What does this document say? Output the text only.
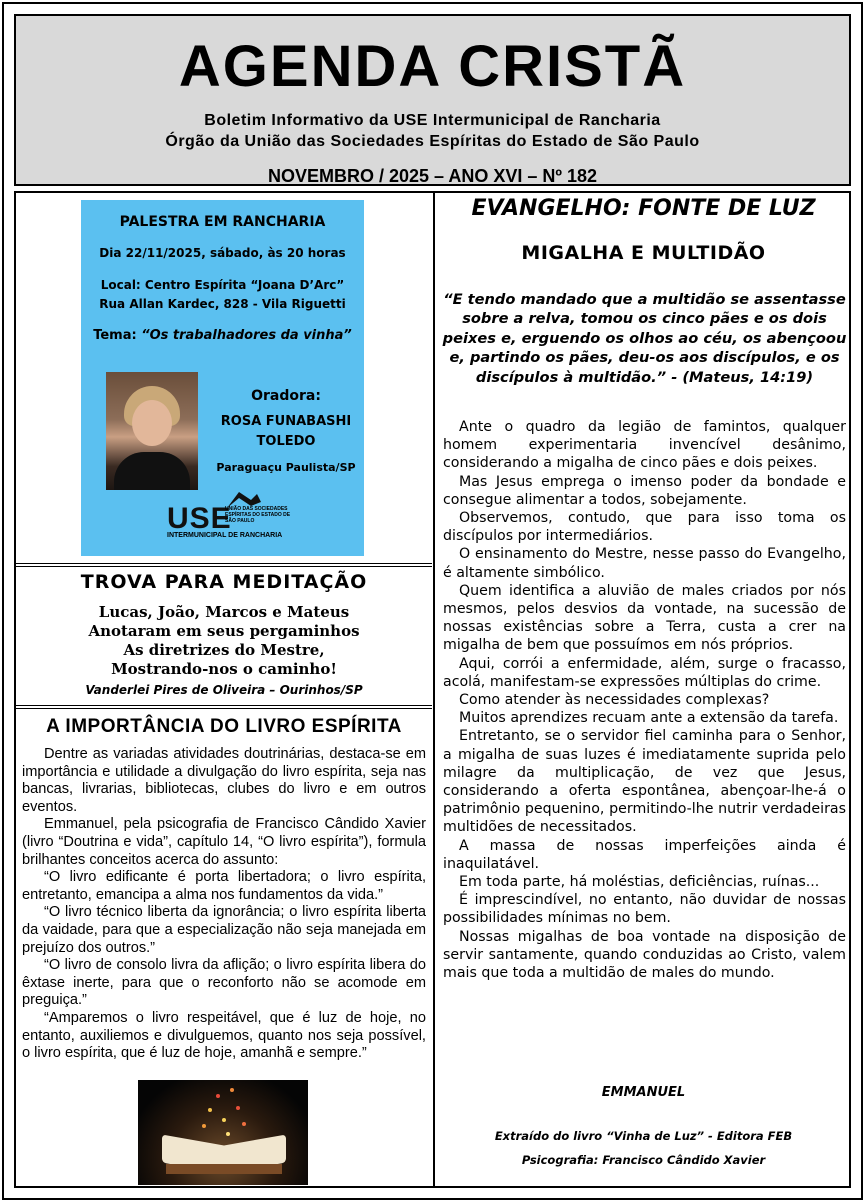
AGENDA CRISTÃ
Boletim Informativo da USE Intermunicipal de Rancharia
Órgão da União das Sociedades Espíritas do Estado de São Paulo
NOVEMBRO / 2025 – ANO XVI – Nº 182
PALESTRA EM RANCHARIA
Dia 22/11/2025, sábado, às 20 horas
Local: Centro Espírita “Joana D’Arc”
Rua Allan Kardec, 828 - Vila Riguetti
Tema: “Os trabalhadores da vinha”
Oradora:
ROSA FUNABASHI
TOLEDO
Paraguaçu Paulista/SP
USE
UNIÃO DAS SOCIEDADES ESPÍRITAS DO ESTADO DE SÃO PAULO
INTERMUNICIPAL DE RANCHARIA
TROVA PARA MEDITAÇÃO
Lucas, João, Marcos e Mateus
Anotaram em seus pergaminhos
As diretrizes do Mestre,
Mostrando-nos o caminho!
Vanderlei Pires de Oliveira – Ourinhos/SP
A IMPORTÂNCIA DO LIVRO ESPÍRITA

Dentre as variadas atividades doutrinárias, destaca-se em importância e utilidade a divulgação do livro espírita, seja nas bancas, livrarias, bibliotecas, clubes do livro e em outros eventos.

Emmanuel, pela psicografia de Francisco Cândido Xavier (livro “Doutrina e vida”, capítulo 14, “O livro espírita”), formula brilhantes conceitos acerca do assunto:

“O livro edificante é porta libertadora; o livro espírita, entretanto, emancipa a alma nos fundamentos da vida.”

“O livro técnico liberta da ignorância; o livro espírita liberta da vaidade, para que a especialização não seja manejada em prejuízo dos outros.”

“O livro de consolo livra da aflição; o livro espírita libera do êxtase inerte, para que o reconforto não se acomode em preguiça.”

“Amparemos o livro respeitável, que é luz de hoje, no entanto, auxiliemos e divulguemos, quanto nos seja possível, o livro espírita, que é luz de hoje, amanhã e sempre.”

EVANGELHO: FONTE DE LUZ
MIGALHA E MULTIDÃO
“E tendo mandado que a multidão se assentasse sobre a relva, tomou os cinco pães e os dois peixes e, erguendo os olhos ao céu, os abençoou e, partindo os pães, deu-os aos discípulos, e os discípulos à multidão.” - (Mateus, 14:19)

Ante o quadro da legião de famintos, qualquer homem experimentaria invencível desânimo, considerando a migalha de cinco pães e dois peixes.

Mas Jesus emprega o imenso poder da bondade e consegue alimentar a todos, sobejamente.

Observemos, contudo, que para isso toma os discípulos por intermediários.

O ensinamento do Mestre, nesse passo do Evangelho, é altamente simbólico.

Quem identifica a aluvião de males criados por nós mesmos, pelos desvios da vontade, na sucessão de nossas existências sobre a Terra, custa a crer na migalha de bem que possuímos em nós próprios.

Aqui, corrói a enfermidade, além, surge o fracasso, acolá, manifestam-se expressões múltiplas do crime.

Como atender às necessidades complexas?

Muitos aprendizes recuam ante a extensão da tarefa.

Entretanto, se o servidor fiel caminha para o Senhor, a migalha de suas luzes é imediatamente suprida pelo milagre da multiplicação, de vez que Jesus, considerando a oferta espontânea, abençoar-lhe-á o patrimônio pequenino, permitindo-lhe nutrir verdadeiras multidões de necessitados.

A massa de nossas imperfeições ainda é inaquilatável.

Em toda parte, há moléstias, deficiências, ruínas...

É imprescindível, no entanto, não duvidar de nossas possibilidades mínimas no bem.

Nossas migalhas de boa vontade na disposição de servir santamente, quando conduzidas ao Cristo, valem mais que toda a multidão de males do mundo.

EMMANUEL
Extraído do livro “Vinha de Luz” - Editora FEB
Psicografia: Francisco Cândido Xavier
